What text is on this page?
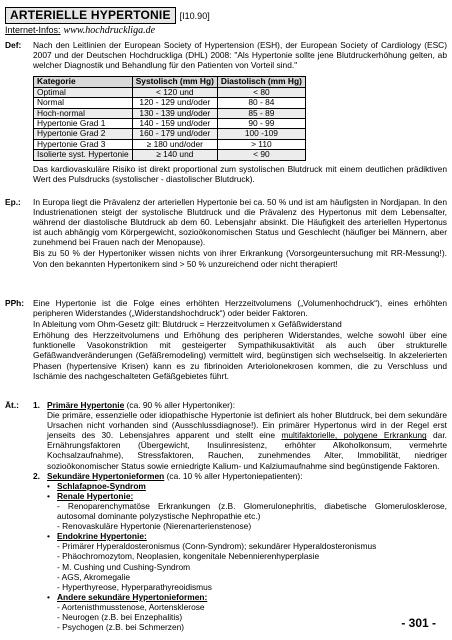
ARTERIELLE HYPERTONIE	[I10.90]
Internet-Infos: www.hochdruckliga.de
Def: Nach den Leitlinien der European Society of Hypertension (ESH), der European Society of Cardiology (ESC) 2007 und der Deutschen Hochdruckliga (DHL) 2008: "Als Hypertonie sollte jene Blutdruckerhöhung gelten, ab welcher Diagnostik und Behandlung für den Patienten von Vorteil sind."

Kategorie	Systolisch (mm Hg)	Diastolisch (mm Hg)
Optimal	< 120 und	< 80
Normal	120 - 129 und/oder	80 - 84
Hoch-normal	130 - 139 und/oder	85 - 89
Hypertonie Grad 1	140 - 159 und/oder	90 - 99
Hypertonie Grad 2	160 - 179 und/oder	100 -109
Hypertonie Grad 3	≥ 180 und/oder	> 110
Isolierte syst. Hypertonie	≥ 140 und	< 90

Das kardiovaskuläre Risiko ist direkt proportional zum systolischen Blutdruck mit einem deutlichen prädiktiven Wert des Pulsdrucks (systolischer - diastolischer Blutdruck).

Ep.: In Europa liegt die Prävalenz der arteriellen Hypertonie bei ca. 50 % und ist am häufigsten in Nordjapan. In den Industrienationen steigt der systolische Blutdruck und die Prävalenz des Hypertonus mit dem Lebensalter, während der diastolische Blutdruck ab dem 60. Lebensjahr absinkt. Die Häufigkeit des arteriellen Hypertonus ist auch abhängig vom Körpergewicht, sozioökonomischen Status und Geschlecht (häufiger bei Männern, aber zunehmend bei Frauen nach der Menopause).

Bis zu 50 % der Hypertoniker wissen nichts von ihrer Erkrankung (Vorsorgeuntersuchung mit RR-Messung!). Von den bekannten Hypertonikern sind > 50 % unzureichend oder nicht therapiert!

PPh: Eine Hypertonie ist die Folge eines erhöhten Herzzeitvolumens („Volumenhochdruck“), eines erhöhten peripheren Widerstandes („Widerstandshochdruck“) oder beider Faktoren.

In Ableitung vom Ohm-Gesetz gilt: Blutdruck = Herzzeitvolumen x Gefäßwiderstand

Erhöhung des Herzzeitvolumens und Erhöhung des peripheren Widerstandes, welche sowohl über eine funktionelle Vasokonstriktion mit gesteigerter Sympathikusaktivität als auch über strukturelle Gefäßwandveränderungen (Gefäßremodeling) vermittelt wird, begünstigen sich wechselseitig. In akzelerierten Phasen (hypertensive Krisen) kann es zu fibrinoiden Arteriolonekrosen kommen, die zu Verschluss und Ischämie des nachgeschalteten Gefäßgebietes führt.

Ät.: 1. Primäre Hypertonie (ca. 90 % aller Hypertoniker):

Die primäre, essenzielle oder idiopathische Hypertonie ist definiert als hoher Blutdruck, bei dem sekundäre Ursachen nicht vorhanden sind (Ausschlussdiagnose!). Ein primärer Hypertonus wird in der Regel erst jenseits des 30. Lebensjahres apparent und stellt eine multifaktorielle, polygene Erkrankung dar. Ernährungsfaktoren (Übergewicht, Insulinresistenz, erhöhter Alkoholkonsum, vermehrte Kochsalzaufnahme), Stressfaktoren, Rauchen, zunehmendes Alter, Immobilität, niedriger sozioökonomischer Status sowie erniedrigte Kalium- und Kalziumaufnahme sind begünstigende Faktoren.

2. Sekundäre Hypertonieformen (ca. 10 % aller Hypertoniepatienten):
• Schlafapnoe-Syndrom
• Renale Hypertonie:
- Renoparenchymatöse Erkrankungen (z.B. Glomerulonephritis, diabetische Glomerulosklerose, autosomal dominante polyzystische Nephropathie etc.)
- Renovaskuläre Hypertonie (Nierenarterienstenose)
• Endokrine Hypertonie:
- Primärer Hyperaldosteronismus (Conn-Syndrom); sekundärer Hyperaldosteronismus
- Phäochromozytom, Neoplasien, kongenitale Nebennierenhyperplasie
- M. Cushing und Cushing-Syndrom
- AGS, Akromegalie
- Hyperthyreose, Hyperparathyreoidismus
• Andere sekundäre Hypertonieformen:
- Aortenisthmusstenose, Aortensklerose
- Neurogen (z.B. bei Enzephalitis)
- Psychogen (z.B. bei Schmerzen)	- 301 -
